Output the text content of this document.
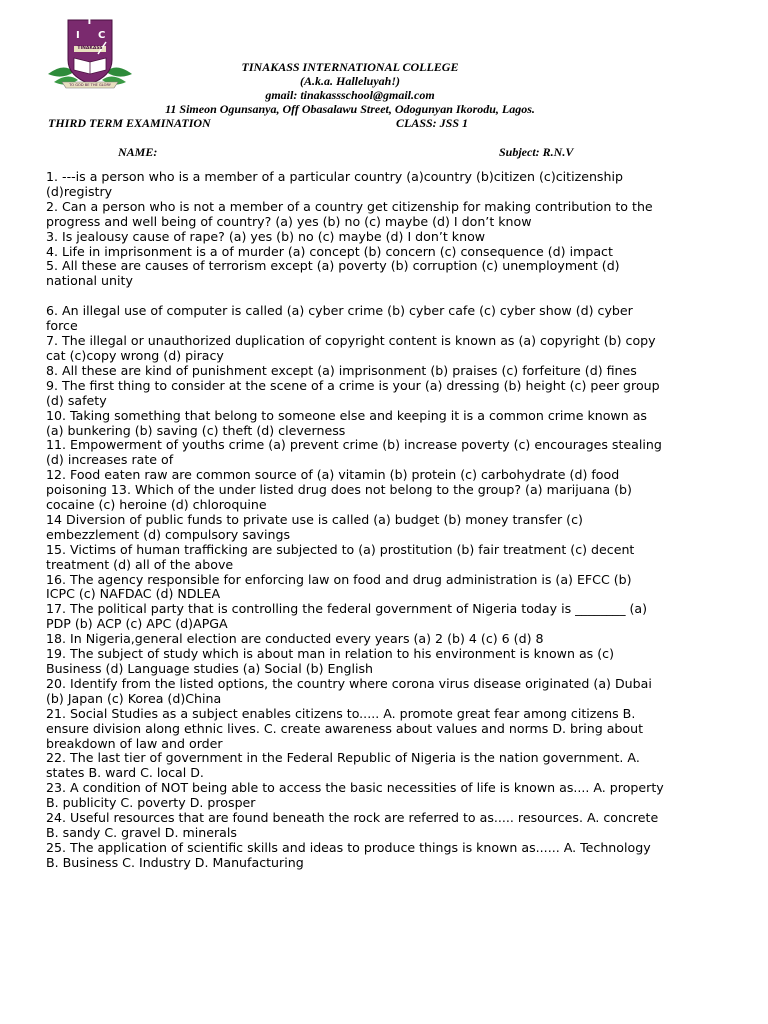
T
I C
TINAKASS
TO GOD BE THE GLORY
TINAKASS INTERNATIONAL COLLEGE
(A.k.a. Halleluyah!)
gmail: tinakassschool@gmail.com
11 Simeon Ogunsanya, Off Obasalawu Street, Odogunyan Ikorodu, Lagos.
THIRD TERM EXAMINATION	CLASS: JSS 1
NAME:	Subject: R.N.V

1. ---is a person who is a member of a particular country (a)country (b)citizen (c)citizenship (d)registry

2. Can a person who is not a member of a country get citizenship for making contribution to the progress and well being of country? (a) yes (b) no (c) maybe (d) I don’t know

3. Is jealousy cause of rape? (a) yes (b) no (c) maybe (d) I don’t know

4. Life in imprisonment is a of murder (a) concept (b) concern (c) consequence (d) impact

5. All these are causes of terrorism except (a) poverty (b) corruption (c) unemployment (d) national unity

6. An illegal use of computer is called (a) cyber crime (b) cyber cafe (c) cyber show (d) cyber force

7. The illegal or unauthorized duplication of copyright content is known as (a) copyright (b) copy cat (c)copy wrong (d) piracy

8. All these are kind of punishment except (a) imprisonment (b) praises (c) forfeiture (d) fines

9. The first thing to consider at the scene of a crime is your (a) dressing (b) height (c) peer group (d) safety

10. Taking something that belong to someone else and keeping it is a common crime known as (a) bunkering (b) saving (c) theft (d) cleverness

11. Empowerment of youths crime (a) prevent crime (b) increase poverty (c) encourages stealing (d) increases rate of

12. Food eaten raw are common source of (a) vitamin (b) protein (c) carbohydrate (d) food poisoning 13. Which of the under listed drug does not belong to the group? (a) marijuana (b) cocaine (c) heroine (d) chloroquine

14 Diversion of public funds to private use is called (a) budget (b) money transfer (c) embezzlement (d) compulsory savings

15. Victims of human trafficking are subjected to (a) prostitution (b) fair treatment (c) decent treatment (d) all of the above

16. The agency responsible for enforcing law on food and drug administration is (a) EFCC (b) ICPC (c) NAFDAC (d) NDLEA

17. The political party that is controlling the federal government of Nigeria today is ________ (a) PDP (b) ACP (c) APC (d)APGA

18. In Nigeria,general election are conducted every years (a) 2 (b) 4 (c) 6 (d) 8

19. The subject of study which is about man in relation to his environment is known as (c) Business (d) Language studies (a) Social (b) English

20. Identify from the listed options, the country where corona virus disease originated (a) Dubai (b) Japan (c) Korea (d)China

21. Social Studies as a subject enables citizens to..... A. promote great fear among citizens B. ensure division along ethnic lives. C. create awareness about values and norms D. bring about breakdown of law and order

22. The last tier of government in the Federal Republic of Nigeria is the nation government. A. states B. ward C. local D.

23. A condition of NOT being able to access the basic necessities of life is known as.... A. property B. publicity C. poverty D. prosper

24. Useful resources that are found beneath the rock are referred to as..... resources. A. concrete B. sandy C. gravel D. minerals

25. The application of scientific skills and ideas to produce things is known as...... A. Technology B. Business C. Industry D. Manufacturing
